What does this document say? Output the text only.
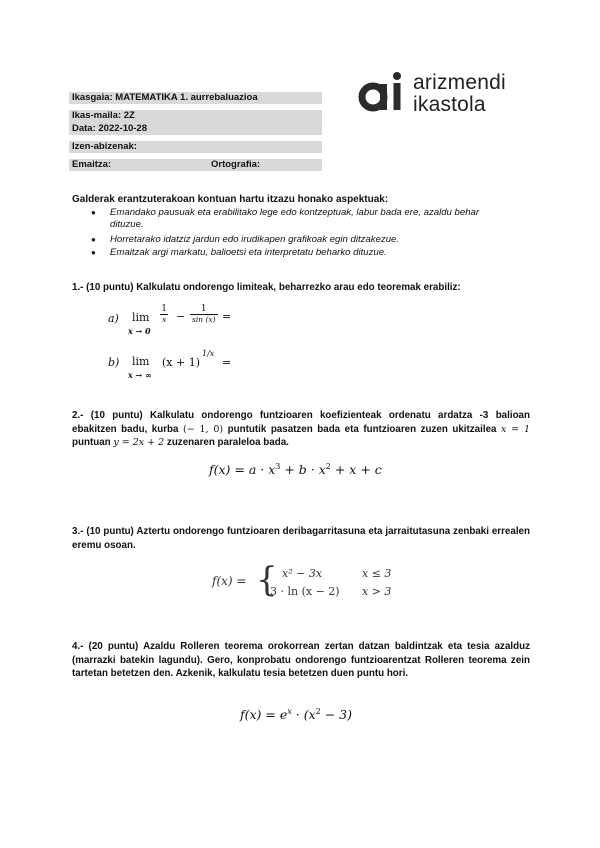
Ikasgaia: MATEMATIKA 1. aurrebaluazioa
Ikas-maila: 2Z
Data: 2022-10-28
Izen-abizenak:
Emaitza:	Ortografia:
arizmendi
ikastola
Galderak erantzuterakoan kontuan hartu itzazu honako aspektuak:
● Emandako pausuak eta erabilitako lege edo kontzeptuak, labur bada ere, azaldu behar dituzue.
● Horretarako idatziz jardun edo irudikapen grafikoak egin ditzakezue.
● Emaitzak argi markatu, balioetsi eta interpretatu beharko dituzue.
1.- (10 puntu) Kalkulatu ondorengo limiteak, beharrezko arau edo teoremak erabiliz:
a) lim
x → 0
1
x −
1
sin (x) =
b) lim
x → ∞
(x + 1)
1/x
=
2.- (10 puntu) Kalkulatu ondorengo funtzioaren koefizienteak ordenatu ardatza -3 balioan ebakitzen badu, kurba (− 1, 0) puntutik pasatzen bada eta funtzioaren zuzen ukitzailea x = 1 puntuan y = 2x + 2 zuzenaren paraleloa bada.
$f(x) = a \cdot x^3 + b \cdot x^2 + x + c$
3.- (10 puntu) Aztertu ondorengo funtzioaren deribagarritasuna eta jarraitutasuna zenbaki errealen eremu osoan.
f(x) = { x² − 3x	x ≤ 3
3 · ln (x − 2) x > 3
4.- (20 puntu) Azaldu Rolleren teorema orokorrean zertan datzan baldintzak eta tesia azalduz (marrazki batekin lagundu). Gero, konprobatu ondorengo funtzioarentzat Rolleren teorema zein tartetan betetzen den. Azkenik, kalkulatu tesia betetzen duen puntu hori.
$f(x) = e^x \cdot (x^2 - 3)$
